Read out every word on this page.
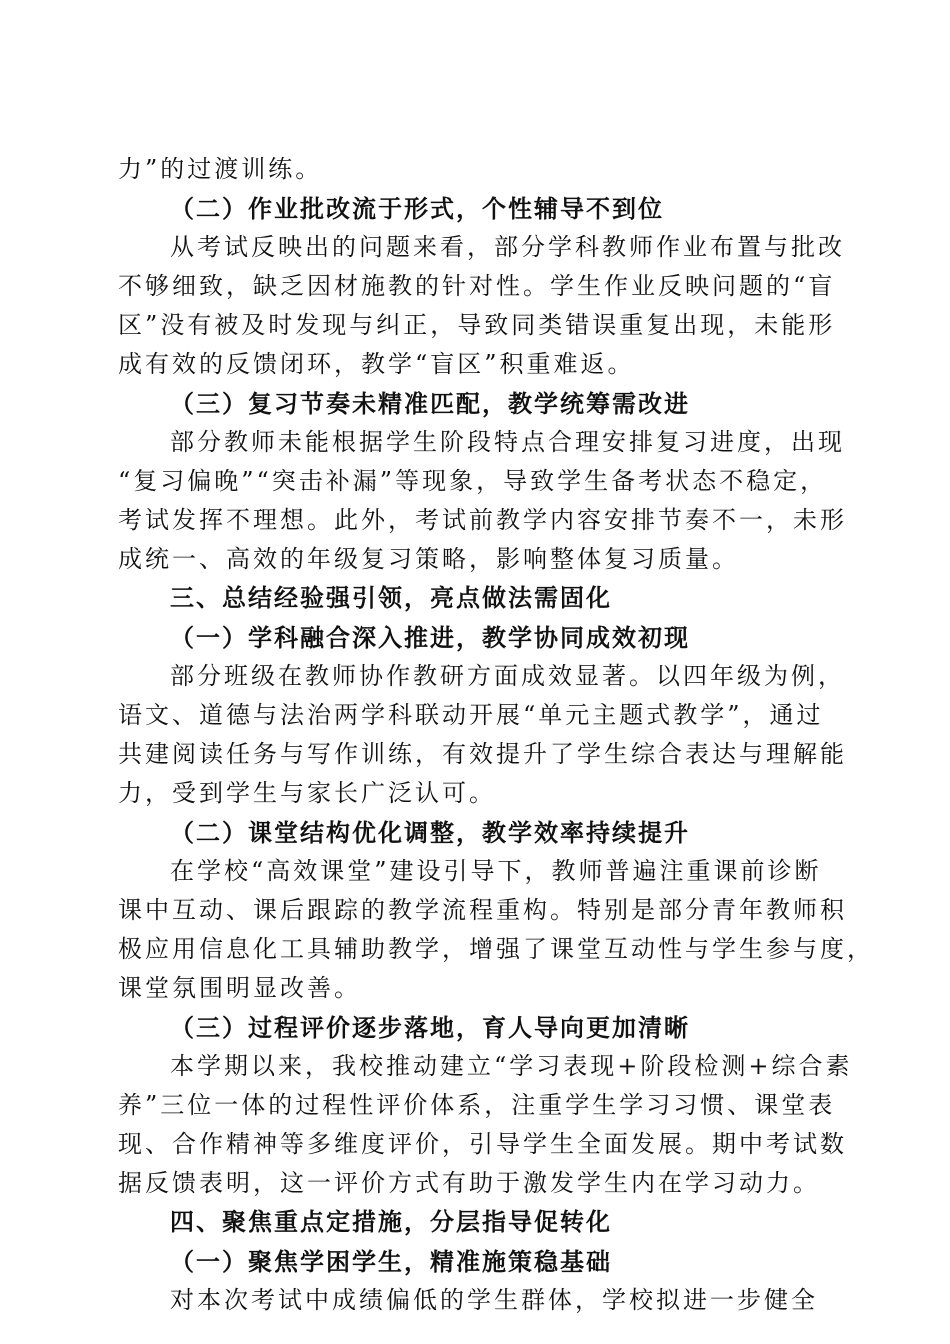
力”的过渡训练。
（二）作业批改流于形式，个性辅导不到位
从考试反映出的问题来看，部分学科教师作业布置与批改
不够细致，缺乏因材施教的针对性。学生作业反映问题的“盲
区”没有被及时发现与纠正，导致同类错误重复出现，未能形
成有效的反馈闭环，教学“盲区”积重难返。
（三）复习节奏未精准匹配，教学统筹需改进
部分教师未能根据学生阶段特点合理安排复习进度，出现
“复习偏晚”“突击补漏”等现象，导致学生备考状态不稳定，
考试发挥不理想。此外，考试前教学内容安排节奏不一，未形
成统一、高效的年级复习策略，影响整体复习质量。
三、总结经验强引领，亮点做法需固化
（一）学科融合深入推进，教学协同成效初现
部分班级在教师协作教研方面成效显著。以四年级为例，
语文、道德与法治两学科联动开展“单元主题式教学”，通过
共建阅读任务与写作训练，有效提升了学生综合表达与理解能
力，受到学生与家长广泛认可。
（二）课堂结构优化调整，教学效率持续提升
在学校“高效课堂”建设引导下，教师普遍注重课前诊断
课中互动、课后跟踪的教学流程重构。特别是部分青年教师积
极应用信息化工具辅助教学，增强了课堂互动性与学生参与度，
课堂氛围明显改善。
（三）过程评价逐步落地，育人导向更加清晰
本学期以来，我校推动建立“学习表现+阶段检测+综合素
养”三位一体的过程性评价体系，注重学生学习习惯、课堂表
现、合作精神等多维度评价，引导学生全面发展。期中考试数
据反馈表明，这一评价方式有助于激发学生内在学习动力。
四、聚焦重点定措施，分层指导促转化
（一）聚焦学困学生，精准施策稳基础
对本次考试中成绩偏低的学生群体，学校拟进一步健全
